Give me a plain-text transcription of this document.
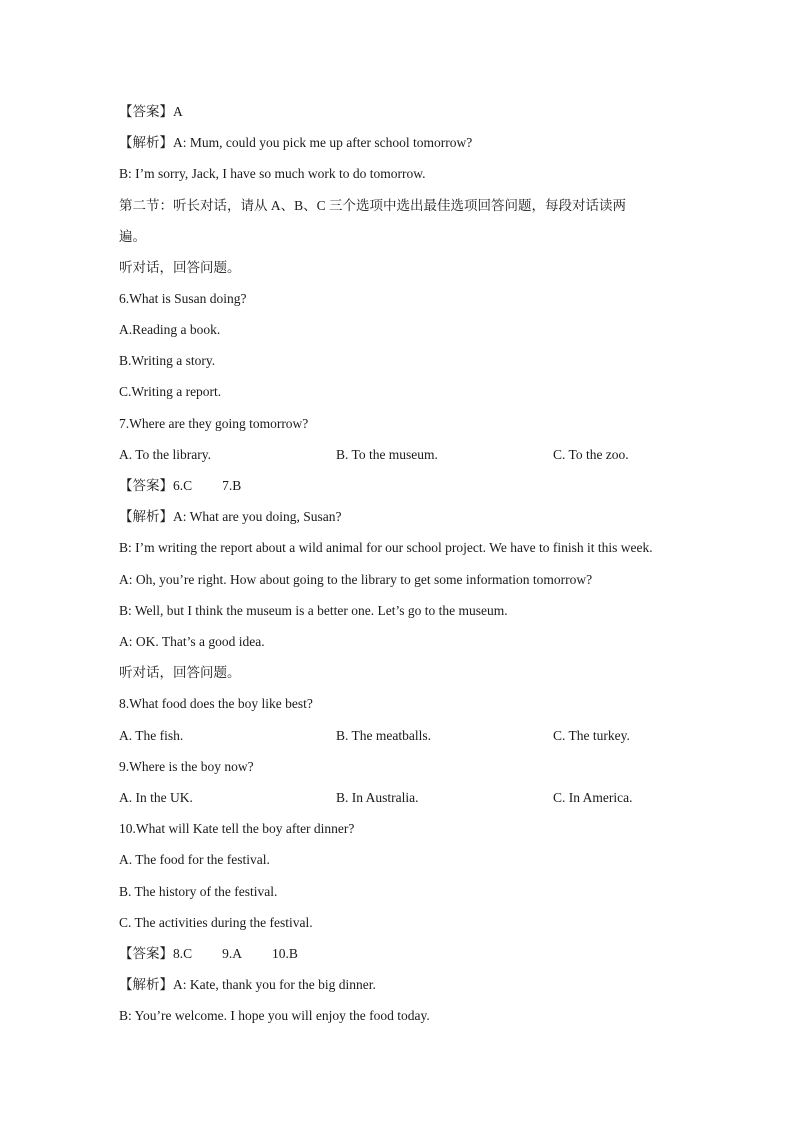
【答案】A
【解析】A: Mum, could you pick me up after school tomorrow?
B: I’m sorry, Jack, I have so much work to do tomorrow.
第二节：听长对话，请从 A、B、C 三个选项中选出最佳选项回答问题，每段对话读两
遍。
听对话，回答问题。
6.What is Susan doing?
A.Reading a book.
B.Writing a story.
C.Writing a report.
7.Where are they going tomorrow?
A. To the library.	B. To the museum.	C. To the zoo.
【答案】6.C 7.B
【解析】A: What are you doing, Susan?
B: I’m writing the report about a wild animal for our school project. We have to finish it this week.
A: Oh, you’re right. How about going to the library to get some information tomorrow?
B: Well, but I think the museum is a better one. Let’s go to the museum.
A: OK. That’s a good idea.
听对话，回答问题。
8.What food does the boy like best?
A. The fish.	B. The meatballs.	C. The turkey.
9.Where is the boy now?
A. In the UK.	B. In Australia.	C. In America.
10.What will Kate tell the boy after dinner?
A. The food for the festival.
B. The history of the festival.
C. The activities during the festival.
【答案】8.C 9.A 10.B
【解析】A: Kate, thank you for the big dinner.
B: You’re welcome. I hope you will enjoy the food today.
